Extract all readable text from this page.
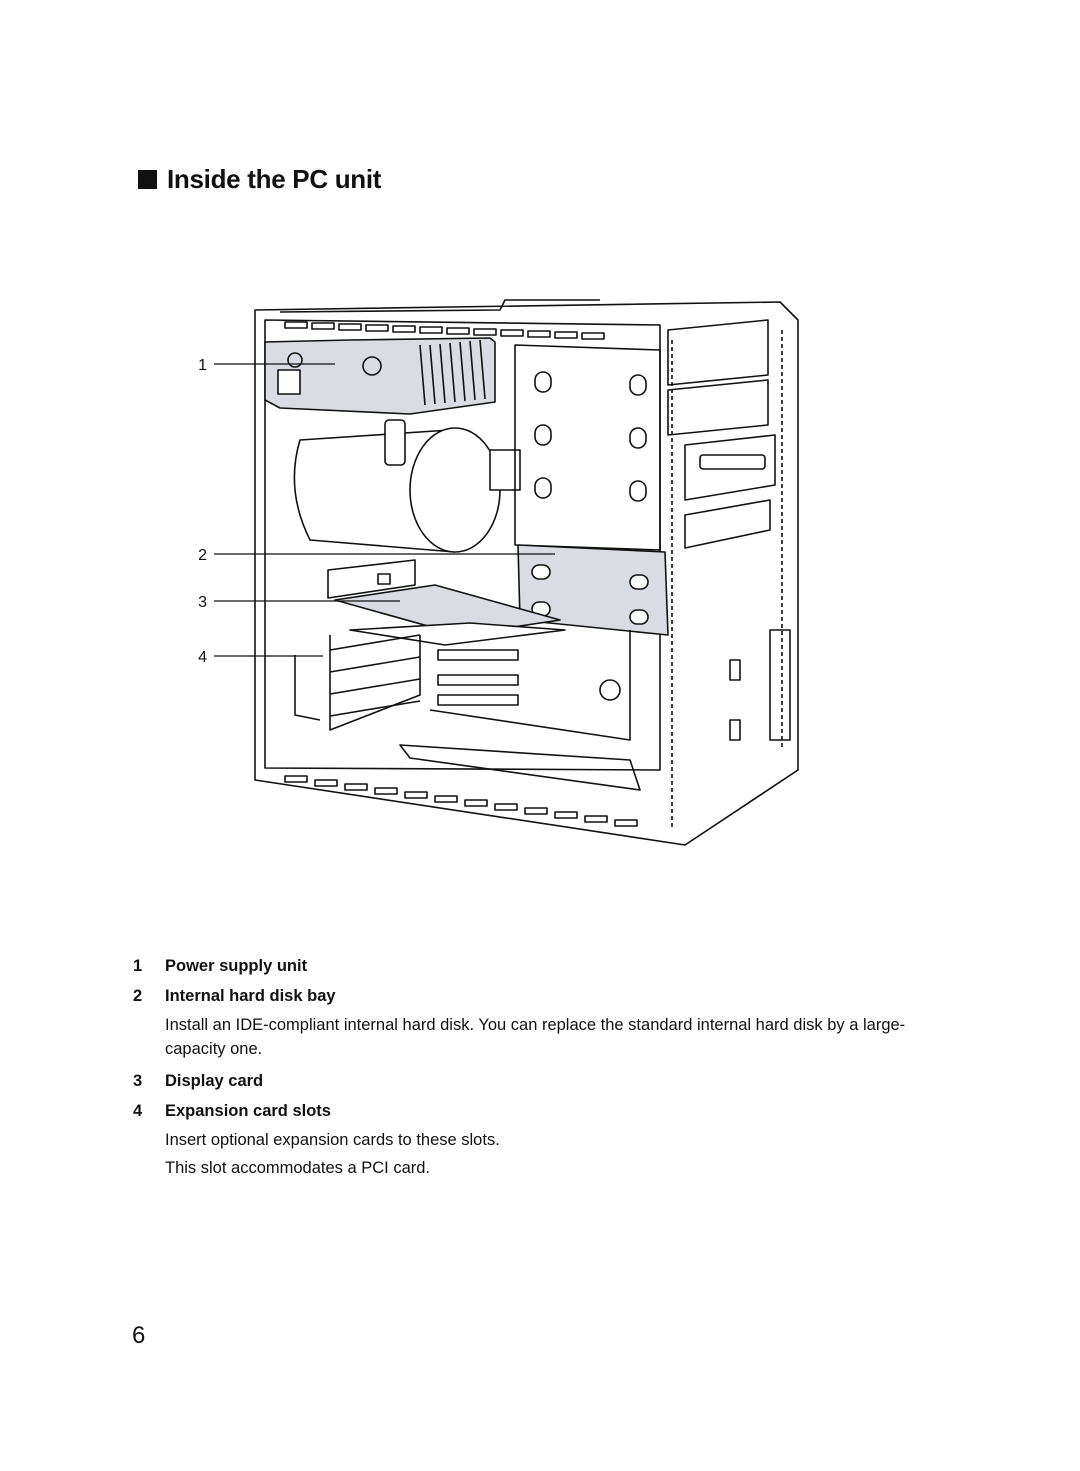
Inside the PC unit
1
2
3
4
1	Power supply unit
2	Internal hard disk bay

Install an IDE-compliant internal hard disk. You can replace the standard internal hard disk by a large-capacity one.

3	Display card
4	Expansion card slots

Insert optional expansion cards to these slots.

This slot accommodates a PCI card.

6
